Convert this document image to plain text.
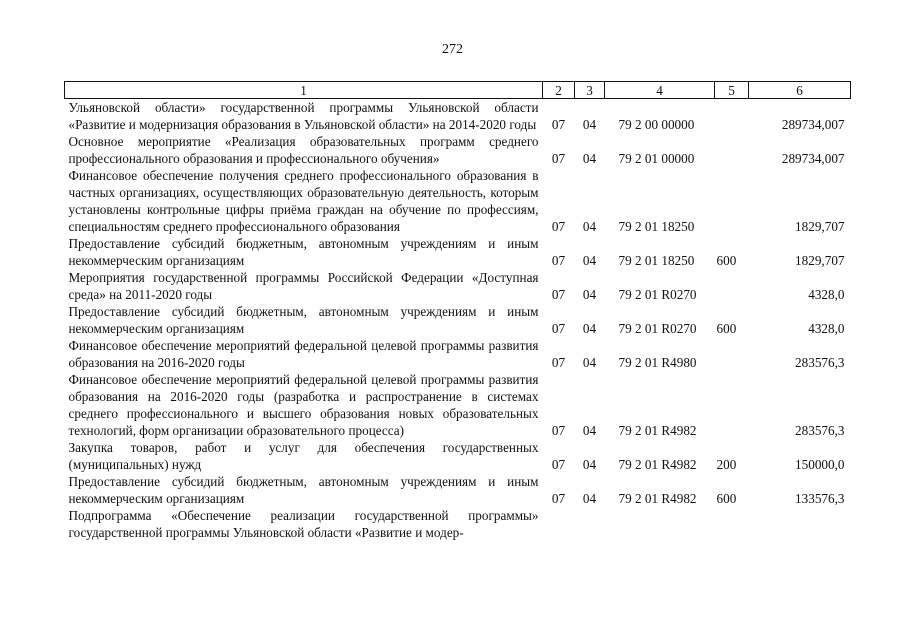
272
1	2	3	4	5	6
Ульяновской области» государственной программы Ульяновской области «Развитие и модернизация образования в Ульяновской области» на 2014-2020 годы	07	04	79 2 00 00000		289734,007
Основное мероприятие «Реализация образовательных программ среднего профессионального образования и профессионального обучения»	07	04	79 2 01 00000		289734,007
Финансовое обеспечение получения среднего профессионального образования в частных организациях, осуществляющих образовательную деятельность, которым установлены контрольные цифры приёма граждан на обучение по профессиям, специальностям среднего профессионального образования	07	04	79 2 01 18250		1829,707
Предоставление субсидий бюджетным, автономным учреждениям и иным некоммерческим организациям	07	04	79 2 01 18250	600	1829,707
Мероприятия государственной программы Российской Федерации «Доступная среда» на 2011-2020 годы	07	04	79 2 01 R0270		4328,0
Предоставление субсидий бюджетным, автономным учреждениям и иным некоммерческим организациям	07	04	79 2 01 R0270	600	4328,0
Финансовое обеспечение мероприятий федеральной целевой программы развития образования на 2016-2020 годы	07	04	79 2 01 R4980		283576,3
Финансовое обеспечение мероприятий федеральной целевой программы развития образования на 2016-2020 годы (разработка и распространение в системах среднего профессионального и высшего образования новых образовательных технологий, форм организации образовательного процесса)	07	04	79 2 01 R4982		283576,3
Закупка товаров, работ и услуг для обеспечения государственных (муниципальных) нужд	07	04	79 2 01 R4982	200	150000,0
Предоставление субсидий бюджетным, автономным учреждениям и иным некоммерческим организациям	07	04	79 2 01 R4982	600	133576,3
Подпрограмма «Обеспечение реализации государственной программы» государственной программы Ульяновской области «Развитие и модер-					
